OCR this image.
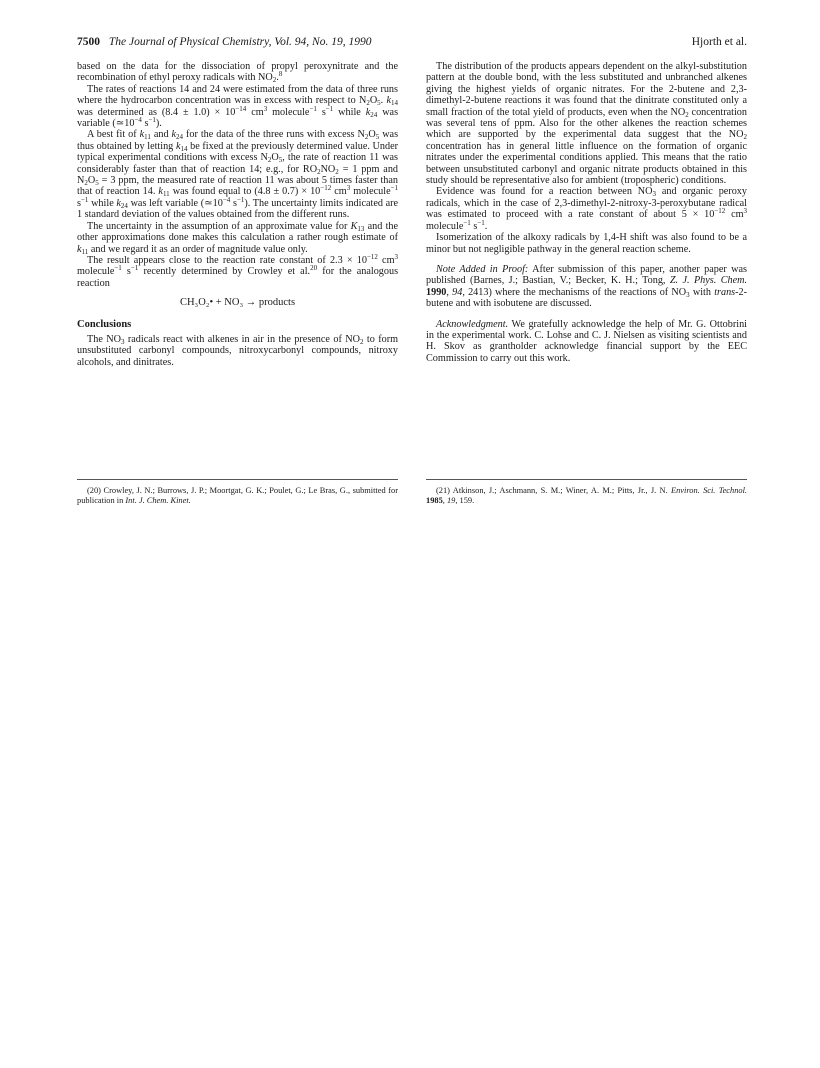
7500 The Journal of Physical Chemistry, Vol. 94, No. 19, 1990	Hjorth et al.

based on the data for the dissociation of propyl peroxynitrate and the recombination of ethyl peroxy radicals with $NO_2.^8$

The rates of reactions 14 and 24 were estimated from the data of three runs where the hydrocarbon concentration was in excess with respect to $N_2O_5$. $k_{14}$ was determined as $(8.4 \pm 1.0) \times 10^{-14}$ $cm^3$ molecule$^{-1}$ $s^{-1}$ while $k_{24}$ was variable ($≃10^{-4}$ $s^{-1}$).

A best fit of $k_{11}$ and $k_{24}$ for the data of the three runs with excess $N_2O_5$ was thus obtained by letting $k_{14}$ be fixed at the previously determined value. Under typical experimental conditions with excess $N_2O_5$, the rate of reaction 11 was considerably faster than that of reaction 14; e.g., for $RO_2NO_2 = 1$ ppm and $N_2O_5 = 3$ ppm, the measured rate of reaction 11 was about 5 times faster than that of reaction 14. $k_{11}$ was found equal to $(4.8 \pm 0.7) \times 10^{-12}$ $cm^3$ molecule$^{-1}$ $s^{-1}$ while $k_{24}$ was left variable ($≃10^{-4}$ $s^{-1}$). The uncertainty limits indicated are 1 standard deviation of the values obtained from the different runs.

The uncertainty in the assumption of an approximate value for $K_{13}$ and the other approximations done makes this calculation a rather rough estimate of $k_{11}$ and we regard it as an order of magnitude value only.

The result appears close to the reaction rate constant of $2.3 \times 10^{-12}$ $cm^3$ molecule$^{-1}$ $s^{-1}$ recently determined by Crowley et al.$^{20}$ for the analogous reaction

CH₃O₂• + NO₃ → products
Conclusions

The $NO_3$ radicals react with alkenes in air in the presence of $NO_2$ to form unsubstituted carbonyl compounds, nitroxycarbonyl compounds, nitroxy alcohols, and dinitrates.

The distribution of the products appears dependent on the alkyl-substitution pattern at the double bond, with the less substituted and unbranched alkenes giving the highest yields of organic nitrates. For the 2-butene and 2,3-dimethyl-2-butene reactions it was found that the dinitrate constituted only a small fraction of the total yield of products, even when the $NO_2$ concentration was several tens of ppm. Also for the other alkenes the reaction schemes which are supported by the experimental data suggest that the $NO_2$ concentration has in general little influence on the formation of organic nitrates under the experimental conditions applied. This means that the ratio between unsubstituted carbonyl and organic nitrate products obtained in this study should be representative also for ambient (tropospheric) conditions.

Evidence was found for a reaction between $NO_3$ and organic peroxy radicals, which in the case of 2,3-dimethyl-2-nitroxy-3-peroxybutane radical was estimated to proceed with a rate constant of about $5 \times 10^{-12}$ $cm^3$ molecule$^{-1}$ $s^{-1}$.

Isomerization of the alkoxy radicals by 1,4-H shift was also found to be a minor but not negligible pathway in the general reaction scheme.

Note Added in Proof: After submission of this paper, another paper was published (Barnes, J.; Bastian, V.; Becker, K. H.; Tong, Z. J. Phys. Chem. 1990, 94, 2413) where the mechanisms of the reactions of $NO_3$ with trans-2-butene and with isobutene are discussed.

Acknowledgment. We gratefully acknowledge the help of Mr. G. Ottobrini in the experimental work. C. Lohse and C. J. Nielsen as visiting scientists and H. Skov as grantholder acknowledge financial support by the EEC Commission to carry out this work.

(20) Crowley, J. N.; Burrows, J. P.; Moortgat, G. K.; Poulet, G.; Le Bras, G., submitted for publication in Int. J. Chem. Kinet.
(21) Atkinson, J.; Aschmann, S. M.; Winer, A. M.; Pitts, Jr., J. N. Environ. Sci. Technol. 1985, 19, 159.
